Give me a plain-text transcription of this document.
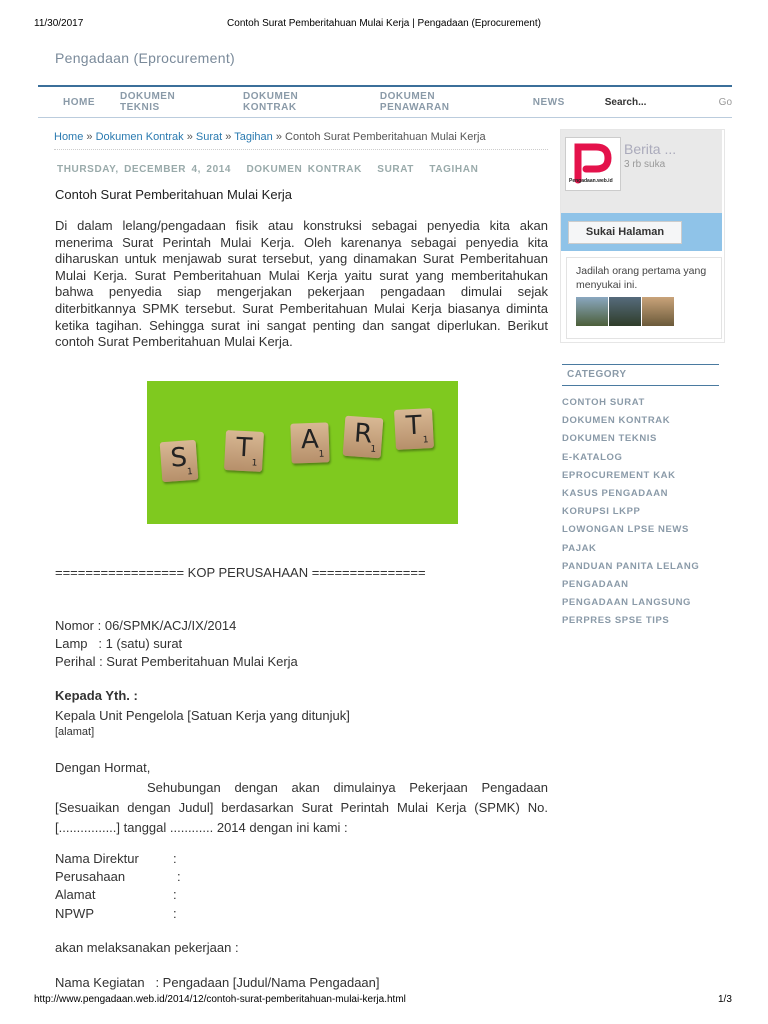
Contoh Surat Pemberitahuan Mulai Kerja | Pengadaan (Eprocurement)
11/30/2017
Pengadaan (Eprocurement)
HOME	DOKUMEN TEKNIS
DOKUMEN KONTRAK
DOKUMEN PENAWARAN	NEWS	Search...	Go
Home » Dokumen Kontrak » Surat » Tagihan » Contoh Surat Pemberitahuan Mulai Kerja
THURSDAY, DECEMBER 4, 2014 DOKUMEN KONTRAK SURAT TAGIHAN
Contoh Surat Pemberitahuan Mulai Kerja
Di dalam lelang/pengadaan fisik atau konstruksi sebagai penyedia kita akan menerima Surat Perintah Mulai Kerja. Oleh karenanya sebagai penyedia kita diharuskan untuk menjawab surat tersebut, yang dinamakan Surat Pemberitahuan Mulai Kerja. Surat Pemberitahuan Mulai Kerja yaitu surat yang memberitahukan bahwa penyedia siap mengerjakan pekerjaan pengadaan dimulai sejak diterbitkannya SPMK tersebut. Surat Pemberitahuan Mulai Kerja biasanya diminta ketika tagihan. Sehingga surat ini sangat penting dan sangat diperlukan. Berikut contoh Surat Pemberitahuan Mulai Kerja.
S
1
T
1
A 1
R
1
T 1
================= KOP PERUSAHAAN ===============
Nomor : 06/SPMK/ACJ/IX/2014
Lamp   : 1 (satu) surat
Perihal : Surat Pemberitahuan Mulai Kerja
Kepada Yth. :
Kepala Unit Pengelola [Satuan Kerja yang ditunjuk]
[alamat]
Dengan Hormat,
Sehubungan dengan akan dimulainya Pekerjaan Pengadaan [Sesuaikan dengan Judul] berdasarkan Surat Perintah Mulai Kerja (SPMK) No. [................] tanggal ............ 2014 dengan ini kami :
Nama Direktur	:
Perusahaan	:
Alamat	:
NPWP	:
akan melaksanakan pekerjaan :
Nama Kegiatan   : Pengadaan [Judul/Nama Pengadaan]
Pengadaan.web.id
Berita ...
3 rb suka
Sukai Halaman
Jadilah orang pertama yang menyukai ini.
CATEGORY
CONTOH SURAT
DOKUMEN KONTRAK
DOKUMEN TEKNIS
E-KATALOG
EPROCUREMENT KAK
KASUS PENGADAAN
KORUPSI LKPP
LOWONGAN LPSE NEWS
PAJAK
PANDUAN PANITA LELANG
PENGADAAN
PENGADAAN LANGSUNG
PERPRES SPSE TIPS
http://www.pengadaan.web.id/2014/12/contoh-surat-pemberitahuan-mulai-kerja.html	1/3
